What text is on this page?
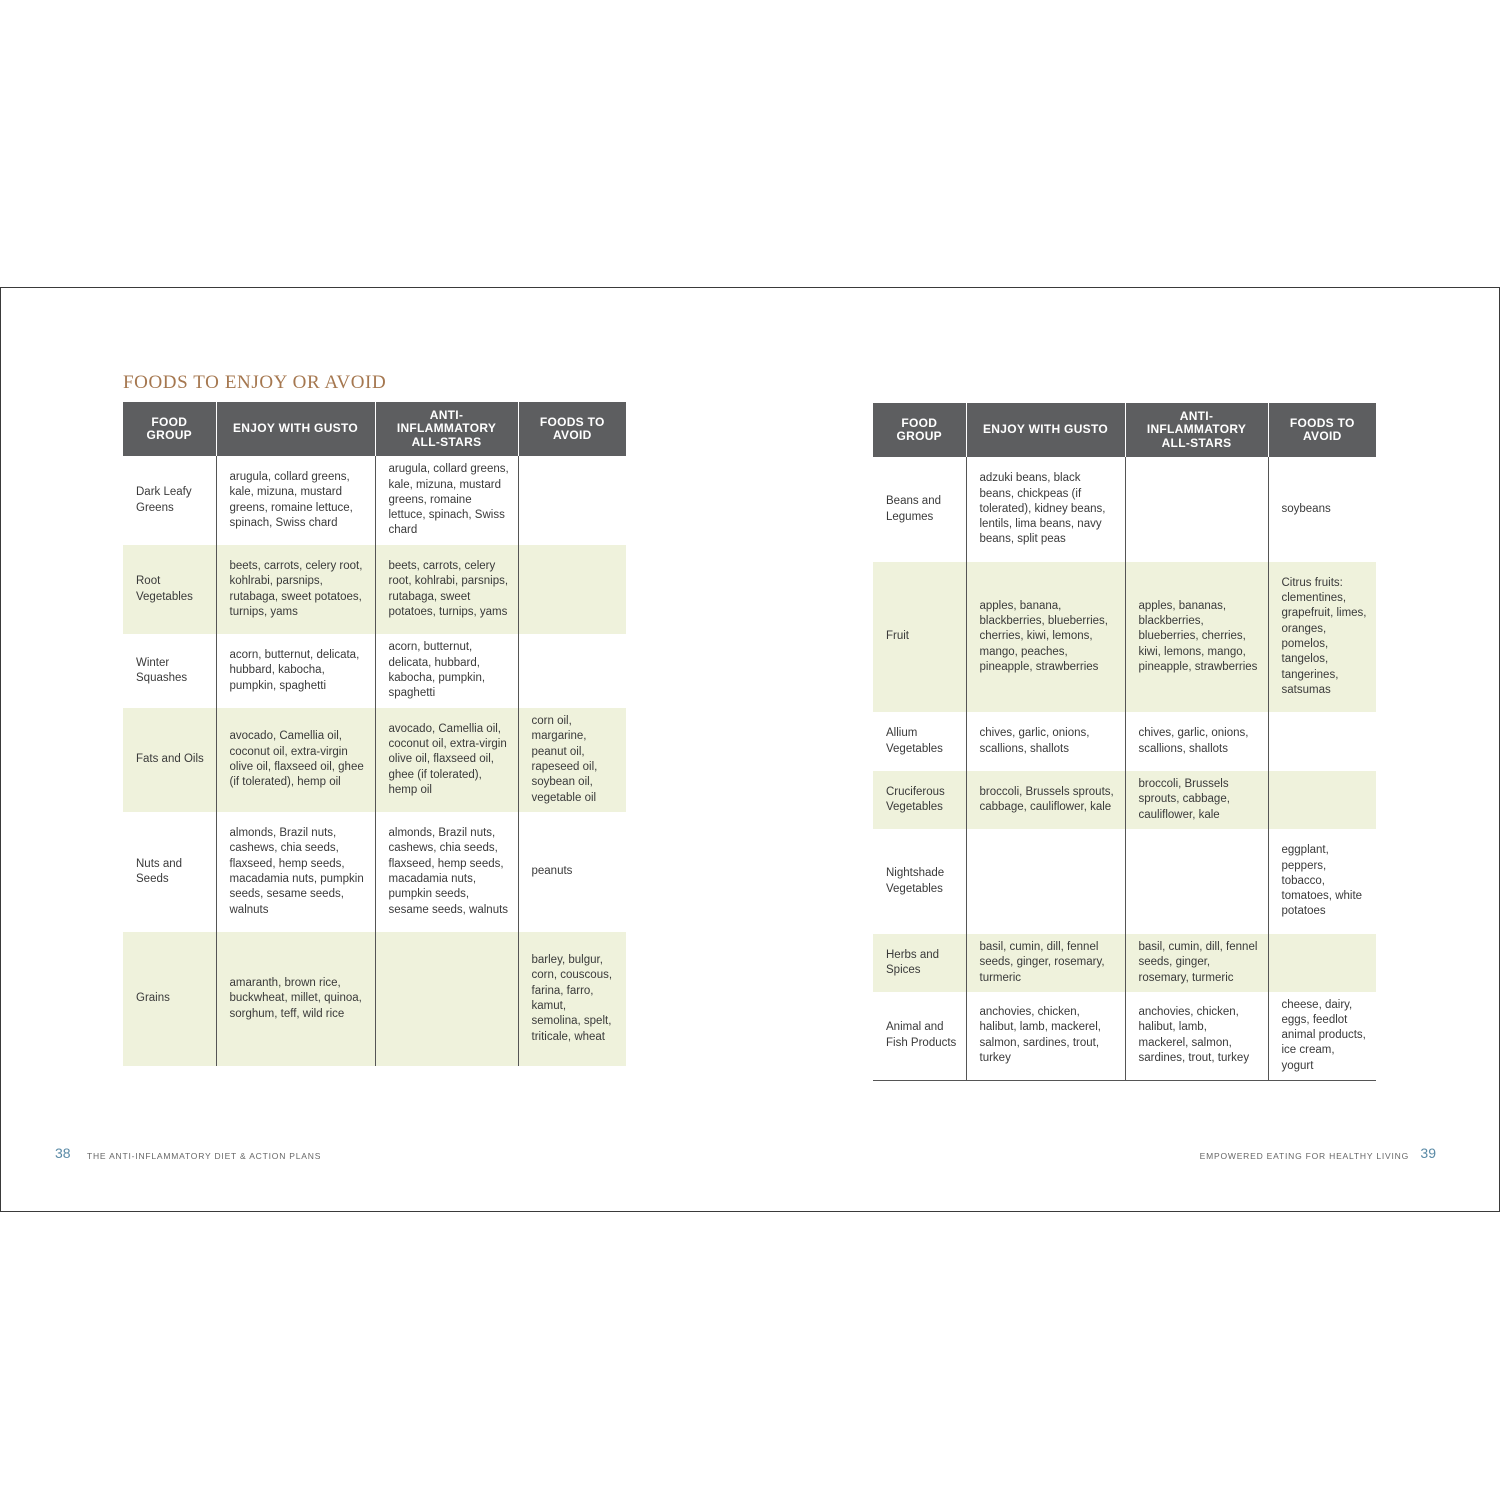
FOODS TO ENJOY OR AVOID
FOOD GROUP	ENJOY WITH GUSTO	ANTI-INFLAMMATORY ALL-STARS	FOODS TO AVOID
Dark Leafy Greens	arugula, collard greens, kale, mizuna, mustard greens, romaine lettuce, spinach, Swiss chard	arugula, collard greens, kale, mizuna, mustard greens, romaine lettuce, spinach, Swiss chard	
Root Vegetables	beets, carrots, celery root, kohlrabi, parsnips, rutabaga, sweet potatoes, turnips, yams	beets, carrots, celery root, kohlrabi, parsnips, rutabaga, sweet potatoes, turnips, yams	
Winter Squashes	acorn, butternut, delicata, hubbard, kabocha, pumpkin, spaghetti	acorn, butternut, delicata, hubbard, kabocha, pumpkin, spaghetti	
Fats and Oils	avocado, Camellia oil, coconut oil, extra-virgin olive oil, flaxseed oil, ghee (if tolerated), hemp oil	avocado, Camellia oil, coconut oil, extra-virgin olive oil, flaxseed oil, ghee (if tolerated), hemp oil	corn oil, margarine, peanut oil, rapeseed oil, soybean oil, vegetable oil
Nuts and Seeds	almonds, Brazil nuts, cashews, chia seeds, flaxseed, hemp seeds, macadamia nuts, pumpkin seeds, sesame seeds, walnuts	almonds, Brazil nuts, cashews, chia seeds, flaxseed, hemp seeds, macadamia nuts, pumpkin seeds, sesame seeds, walnuts	peanuts
Grains	amaranth, brown rice, buckwheat, millet, quinoa, sorghum, teff, wild rice		barley, bulgur, corn, couscous, farina, farro, kamut, semolina, spelt, triticale, wheat
FOOD GROUP	ENJOY WITH GUSTO	ANTI-INFLAMMATORY ALL-STARS	FOODS TO AVOID
Beans and Legumes	adzuki beans, black beans, chickpeas (if tolerated), kidney beans, lentils, lima beans, navy beans, split peas		soybeans
Fruit	apples, banana, blackberries, blueberries, cherries, kiwi, lemons, mango, peaches, pineapple, strawberries	apples, bananas, blackberries, blueberries, cherries, kiwi, lemons, mango, pineapple, strawberries	Citrus fruits: clementines, grapefruit, limes, oranges, pomelos, tangelos, tangerines, satsumas
Allium Vegetables	chives, garlic, onions, scallions, shallots	chives, garlic, onions, scallions, shallots	
Cruciferous Vegetables	broccoli, Brussels sprouts, cabbage, cauliflower, kale	broccoli, Brussels sprouts, cabbage, cauliflower, kale	
Nightshade Vegetables			eggplant, peppers, tobacco, tomatoes, white potatoes
Herbs and Spices	basil, cumin, dill, fennel seeds, ginger, rosemary, turmeric	basil, cumin, dill, fennel seeds, ginger, rosemary, turmeric	
Animal and Fish Products	anchovies, chicken, halibut, lamb, mackerel, salmon, sardines, trout, turkey	anchovies, chicken, halibut, lamb, mackerel, salmon, sardines, trout, turkey	cheese, dairy, eggs, feedlot animal products, ice cream, yogurt
38 THE ANTI-INFLAMMATORY DIET & ACTION PLANS	EMPOWERED EATING FOR HEALTHY LIVING 39
